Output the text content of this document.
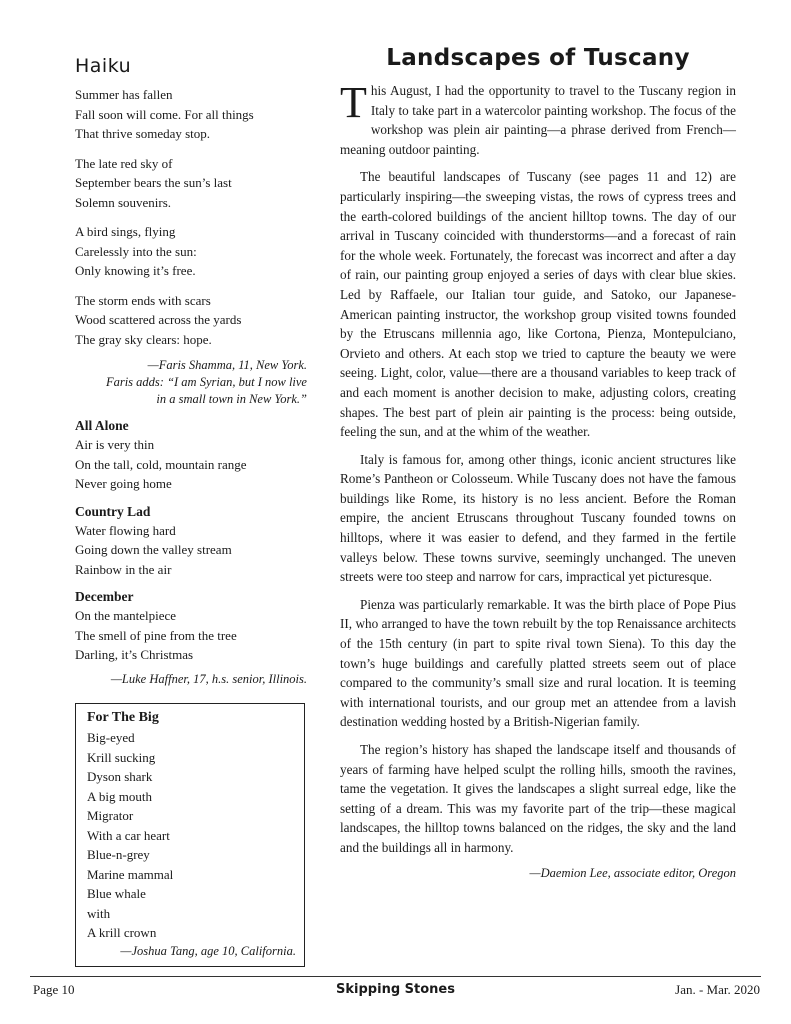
Haiku
Summer has fallen
Fall soon will come. For all things
That thrive someday stop.
The late red sky of
September bears the sun’s last
Solemn souvenirs.
A bird sings, flying
Carelessly into the sun:
Only knowing it’s free.
The storm ends with scars
Wood scattered across the yards
The gray sky clears: hope.
—Faris Shamma, 11, New York.
Faris adds: “I am Syrian, but I now live
in a small town in New York.”
All Alone
Air is very thin
On the tall, cold, mountain range
Never going home
Country Lad
Water flowing hard
Going down the valley stream
Rainbow in the air
December
On the mantelpiece
The smell of pine from the tree
Darling, it’s Christmas
—Luke Haffner, 17, h.s. senior, Illinois.
For The Big
Big-eyed
Krill sucking
Dyson shark
A big mouth
Migrator
With a car heart
Blue-n-grey
Marine mammal
Blue whale
with
A krill crown
—Joshua Tang, age 10, California.
Landscapes of Tuscany

This August, I had the opportunity to travel to the Tuscany region in Italy to take part in a watercolor painting workshop. The focus of the workshop was plein air painting—a phrase derived from French—meaning outdoor painting.

The beautiful landscapes of Tuscany (see pages 11 and 12) are particularly inspiring—the sweeping vistas, the rows of cypress trees and the earth-colored buildings of the ancient hilltop towns. The day of our arrival in Tuscany coincided with thunderstorms—and a forecast of rain for the whole week. Fortunately, the forecast was incorrect and after a day of rain, our painting group enjoyed a series of days with clear blue skies. Led by Raffaele, our Italian tour guide, and Satoko, our Japanese-American painting instructor, the workshop group visited towns founded by the Etruscans millennia ago, like Cortona, Pienza, Montepulciano, Orvieto and others. At each stop we tried to capture the beauty we were seeing. Light, color, value—there are a thousand variables to keep track of and each moment is another decision to make, adjusting colors, creating shapes. The best part of plein air painting is the process: being outside, feeling the sun, and at the whim of the weather.

Italy is famous for, among other things, iconic ancient structures like Rome’s Pantheon or Colosseum. While Tuscany does not have the famous buildings like Rome, its history is no less ancient. Before the Roman empire, the ancient Etruscans throughout Tuscany founded towns on hilltops, where it was easier to defend, and they farmed in the fertile valleys below. These towns survive, seemingly unchanged. The uneven streets were too steep and narrow for cars, impractical yet picturesque.

Pienza was particularly remarkable. It was the birth place of Pope Pius II, who arranged to have the town rebuilt by the top Renaissance architects of the 15th century (in part to spite rival town Siena). To this day the town’s huge buildings and carefully platted streets seem out of place compared to the community’s small size and rural location. It is teeming with international tourists, and our group met an attendee from a lavish destination wedding hosted by a British-Nigerian family.

The region’s history has shaped the landscape itself and thousands of years of farming have helped sculpt the rolling hills, smooth the ravines, tame the vegetation. It gives the landscapes a slight surreal edge, like the setting of a dream. This was my favorite part of the trip—these magical landscapes, the hilltop towns balanced on the ridges, the sky and the land and the buildings all in harmony.

—Daemion Lee, associate editor, Oregon
Page 10	Skipping Stones	Jan. - Mar. 2020
